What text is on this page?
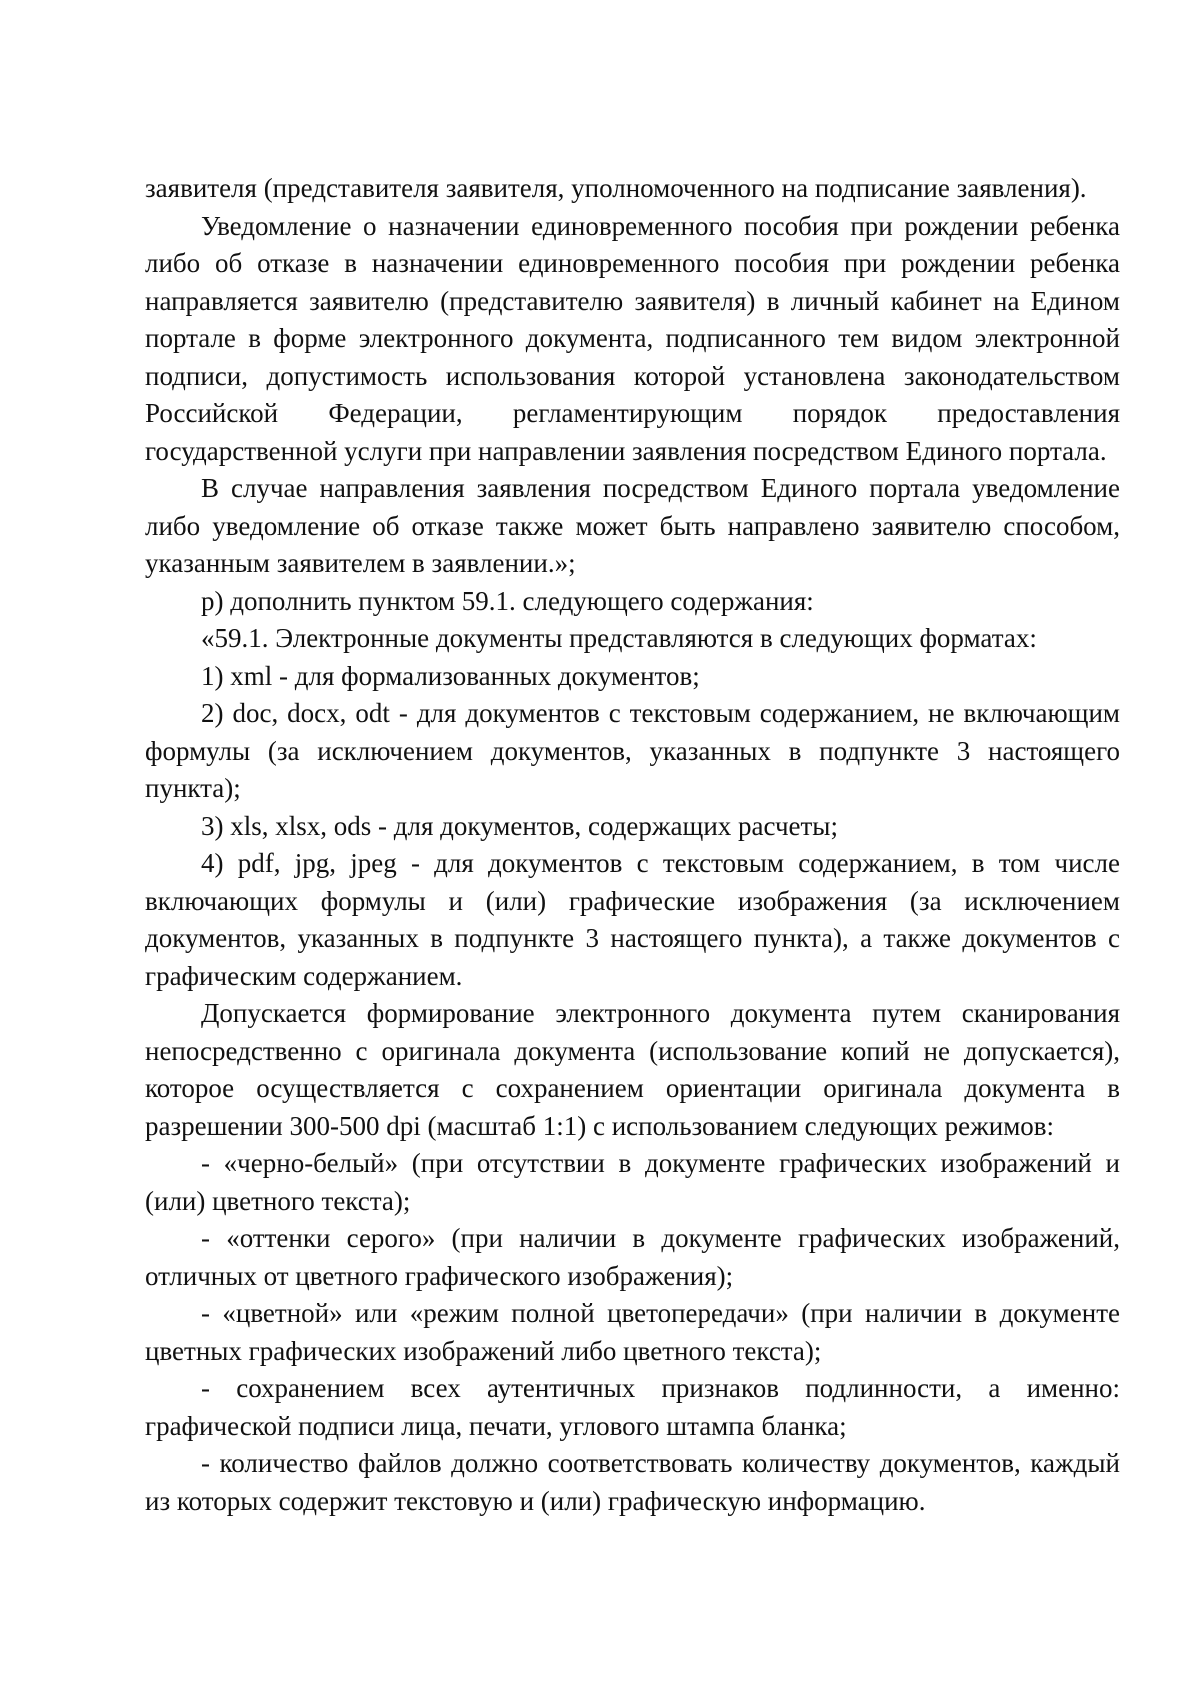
заявителя (представителя заявителя, уполномоченного на подписание заявления).

Уведомление о назначении единовременного пособия при рождении ребенка либо об отказе в назначении единовременного пособия при рождении ребенка направляется заявителю (представителю заявителя) в личный кабинет на Едином портале в форме электронного документа, подписанного тем видом электронной подписи, допустимость использования которой установлена законодательством Российской Федерации, регламентирующим порядок предоставления государственной услуги при направлении заявления посредством Единого портала.

В случае направления заявления посредством Единого портала уведомление либо уведомление об отказе также может быть направлено заявителю способом, указанным заявителем в заявлении.»;

р) дополнить пунктом 59.1. следующего содержания:

«59.1. Электронные документы представляются в следующих форматах:

1) xml - для формализованных документов;

2) doc, docx, odt - для документов с текстовым содержанием, не включающим формулы (за исключением документов, указанных в подпункте 3 настоящего пункта);

3) xls, xlsx, ods - для документов, содержащих расчеты;

4) pdf, jpg, jpeg - для документов с текстовым содержанием, в том числе включающих формулы и (или) графические изображения (за исключением документов, указанных в подпункте 3 настоящего пункта), а также документов с графическим содержанием.

Допускается формирование электронного документа путем сканирования непосредственно с оригинала документа (использование копий не допускается), которое осуществляется с сохранением ориентации оригинала документа в разрешении 300-500 dpi (масштаб 1:1) с использованием следующих режимов:

- «черно-белый» (при отсутствии в документе графических изображений и (или) цветного текста);

- «оттенки серого» (при наличии в документе графических изображений, отличных от цветного графического изображения);

- «цветной» или «режим полной цветопередачи» (при наличии в документе цветных графических изображений либо цветного текста);

- сохранением всех аутентичных признаков подлинности, а именно: графической подписи лица, печати, углового штампа бланка;

- количество файлов должно соответствовать количеству документов, каждый из которых содержит текстовую и (или) графическую информацию.
